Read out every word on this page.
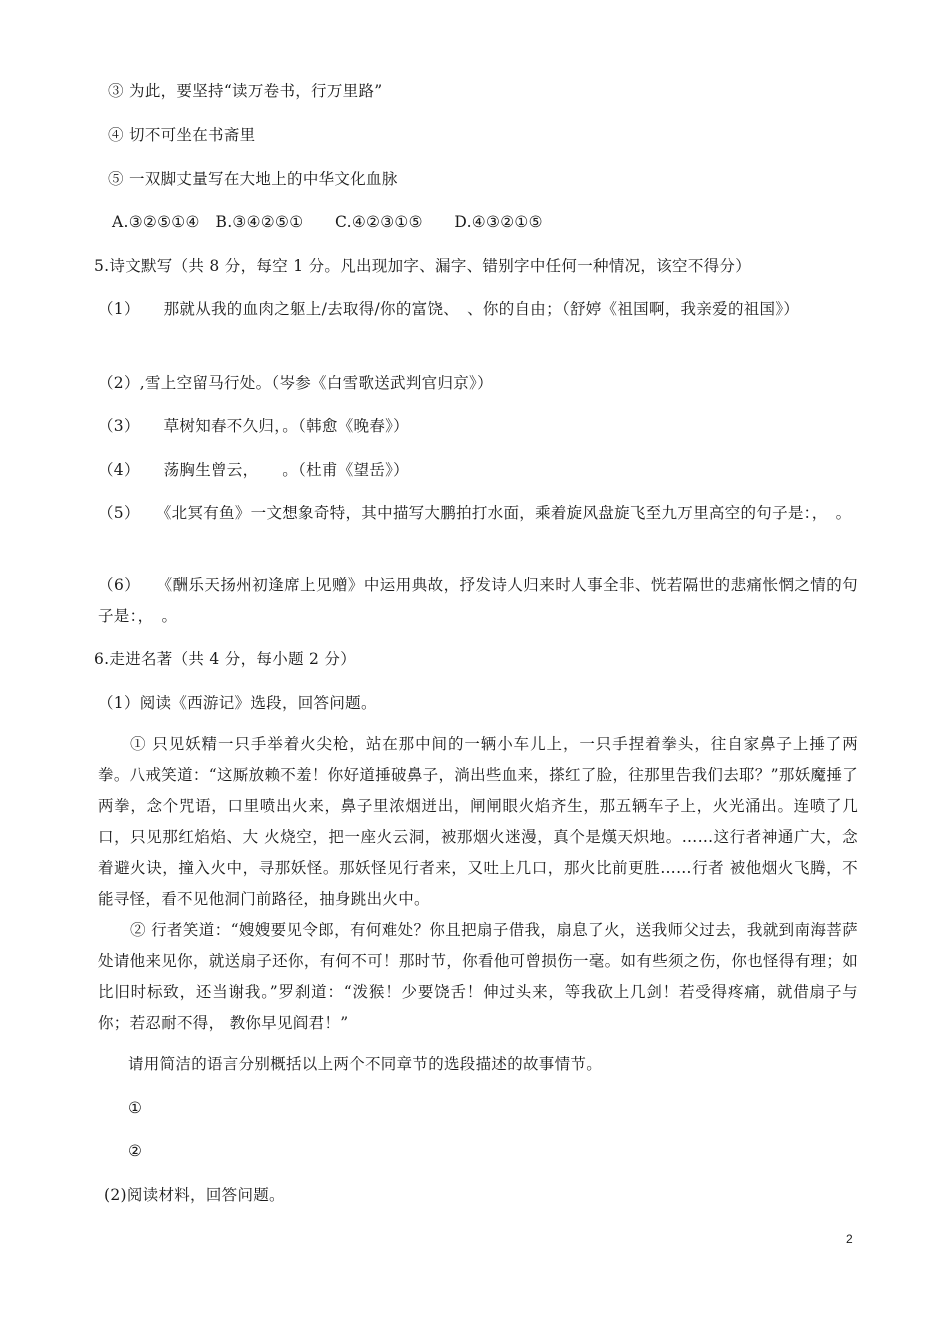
③ 为此，要坚持“读万卷书，行万里路”
④ 切不可坐在书斋里
⑤ 一双脚丈量写在大地上的中华文化血脉
A.③②⑤①④　B.③④②⑤①　　C.④②③①⑤　　D.④③②①⑤
5.诗文默写（共 8 分，每空 1 分。凡出现加字、漏字、错别字中任何一种情况，该空不得分）
（1）　　那就从我的血肉之躯上/去取得/你的富饶、　、你的自由；（舒婷《祖国啊，我亲爱的祖国》）
（2）,雪上空留马行处。（岑参《白雪歌送武判官归京》）
（3）　　草树知春不久归，。（韩愈《晚春》）
（4）　　荡胸生曾云，　　。（杜甫《望岳》）
（5）　　《北冥有鱼》一文想象奇特，其中描写大鹏拍打水面，乘着旋风盘旋飞至九万里高空的句子是：，　。
（6）　　《酬乐天扬州初逢席上见赠》中运用典故，抒发诗人归来时人事全非、恍若隔世的悲痛怅惘之情的句子是：，　。
6.走进名著（共 4 分，每小题 2 分）
（1）阅读《西游记》选段，回答问题。
① 只见妖精一只手举着火尖枪，站在那中间的一辆小车儿上，一只手捏着拳头，往自家鼻子上捶了两拳。八戒笑道：“这厮放赖不羞！你好道捶破鼻子，淌出些血来，搽红了脸，往那里告我们去耶？”那妖魔捶了两拳，念个咒语，口里喷出火来，鼻子里浓烟迸出，闸闸眼火焰齐生，那五辆车子上，火光涌出。连喷了几口，只见那红焰焰、大 火烧空，把一座火云洞，被那烟火迷漫，真个是熯天炽地。……这行者神通广大，念着避火诀，撞入火中，寻那妖怪。那妖怪见行者来，又吐上几口，那火比前更胜……行者 被他烟火飞腾，不能寻怪，看不见他洞门前路径，抽身跳出火中。
② 行者笑道：“嫂嫂要见令郎，有何难处？你且把扇子借我，扇息了火，送我师父过去，我就到南海菩萨处请他来见你，就送扇子还你，有何不可！那时节，你看他可曾损伤一毫。如有些须之伤，你也怪得有理；如比旧时标致，还当谢我。”罗刹道：“泼猴！少要饶舌！伸过头来，等我砍上几剑！若受得疼痛，就借扇子与你；若忍耐不得， 教你早见阎君！”
请用简洁的语言分别概括以上两个不同章节的选段描述的故事情节。
①
②
(2)阅读材料，回答问题。
2
